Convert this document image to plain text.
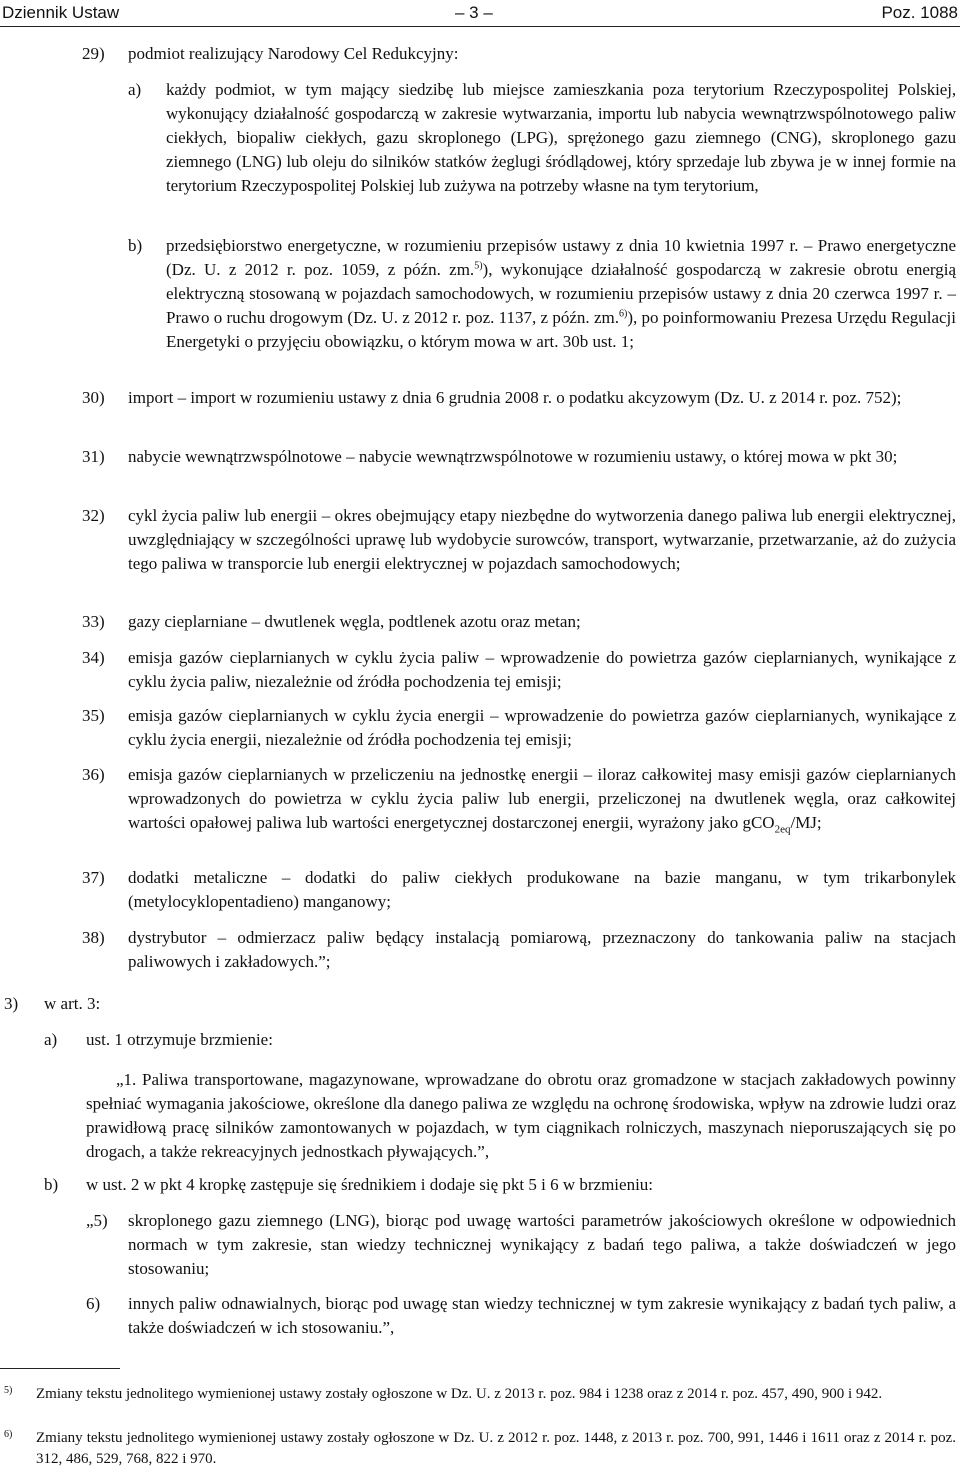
Dziennik Ustaw	– 3 –	Poz. 1088
29) podmiot realizujący Narodowy Cel Redukcyjny:
a) każdy podmiot, w tym mający siedzibę lub miejsce zamieszkania poza terytorium Rzeczypospolitej Polskiej, wykonujący działalność gospodarczą w zakresie wytwarzania, importu lub nabycia wewnątrzwspólnotowego paliw ciekłych, biopaliw ciekłych, gazu skroplonego (LPG), sprężonego gazu ziemnego (CNG), skroplonego gazu ziemnego (LNG) lub oleju do silników statków żeglugi śródlądowej, który sprzedaje lub zbywa je w innej formie na terytorium Rzeczypospolitej Polskiej lub zużywa na potrzeby własne na tym terytorium,
b) przedsiębiorstwo energetyczne, w rozumieniu przepisów ustawy z dnia 10 kwietnia 1997 r. – Prawo energetyczne (Dz. U. z 2012 r. poz. 1059, z późn. zm.$^{5)}$), wykonujące działalność gospodarczą w zakresie obrotu energią elektryczną stosowaną w pojazdach samochodowych, w rozumieniu przepisów ustawy z dnia 20 czerwca 1997 r. – Prawo o ruchu drogowym (Dz. U. z 2012 r. poz. 1137, z późn. zm.$^{6)}$), po poinformowaniu Prezesa Urzędu Regulacji Energetyki o przyjęciu obowiązku, o którym mowa w art. 30b ust. 1;
30) import – import w rozumieniu ustawy z dnia 6 grudnia 2008 r. o podatku akcyzowym (Dz. U. z 2014 r. poz. 752);
31) nabycie wewnątrzwspólnotowe – nabycie wewnątrzwspólnotowe w rozumieniu ustawy, o której mowa w pkt 30;
32) cykl życia paliw lub energii – okres obejmujący etapy niezbędne do wytworzenia danego paliwa lub energii elektrycznej, uwzględniający w szczególności uprawę lub wydobycie surowców, transport, wytwarzanie, przetwarzanie, aż do zużycia tego paliwa w transporcie lub energii elektrycznej w pojazdach samochodowych;
33) gazy cieplarniane – dwutlenek węgla, podtlenek azotu oraz metan;
34) emisja gazów cieplarnianych w cyklu życia paliw – wprowadzenie do powietrza gazów cieplarnianych, wynikające z cyklu życia paliw, niezależnie od źródła pochodzenia tej emisji;
35) emisja gazów cieplarnianych w cyklu życia energii – wprowadzenie do powietrza gazów cieplarnianych, wynikające z cyklu życia energii, niezależnie od źródła pochodzenia tej emisji;
36) emisja gazów cieplarnianych w przeliczeniu na jednostkę energii – iloraz całkowitej masy emisji gazów cieplarnianych wprowadzonych do powietrza w cyklu życia paliw lub energii, przeliczonej na dwutlenek węgla, oraz całkowitej wartości opałowej paliwa lub wartości energetycznej dostarczonej energii, wyrażony jako gCO$_{2eq}$/MJ;
37) dodatki metaliczne – dodatki do paliw ciekłych produkowane na bazie manganu, w tym trikarbonylek (metylocyklopentadieno) manganowy;
38) dystrybutor – odmierzacz paliw będący instalacją pomiarową, przeznaczony do tankowania paliw na stacjach paliwowych i zakładowych.”;
3) w art. 3:
a) ust. 1 otrzymuje brzmienie:
„1. Paliwa transportowane, magazynowane, wprowadzane do obrotu oraz gromadzone w stacjach zakładowych powinny spełniać wymagania jakościowe, określone dla danego paliwa ze względu na ochronę środowiska, wpływ na zdrowie ludzi oraz prawidłową pracę silników zamontowanych w pojazdach, w tym ciągnikach rolniczych, maszynach nieporuszających się po drogach, a także rekreacyjnych jednostkach pływających.”,
b) w ust. 2 w pkt 4 kropkę zastępuje się średnikiem i dodaje się pkt 5 i 6 w brzmieniu:
„5) skroplonego gazu ziemnego (LNG), biorąc pod uwagę wartości parametrów jakościowych określone w odpowiednich normach w tym zakresie, stan wiedzy technicznej wynikający z badań tego paliwa, a także doświadczeń w jego stosowaniu;
6) innych paliw odnawialnych, biorąc pod uwagę stan wiedzy technicznej w tym zakresie wynikający z badań tych paliw, a także doświadczeń w ich stosowaniu.”,
5) Zmiany tekstu jednolitego wymienionej ustawy zostały ogłoszone w Dz. U. z 2013 r. poz. 984 i 1238 oraz z 2014 r. poz. 457, 490, 900 i 942.
6) Zmiany tekstu jednolitego wymienionej ustawy zostały ogłoszone w Dz. U. z 2012 r. poz. 1448, z 2013 r. poz. 700, 991, 1446 i 1611 oraz z 2014 r. poz. 312, 486, 529, 768, 822 i 970.
